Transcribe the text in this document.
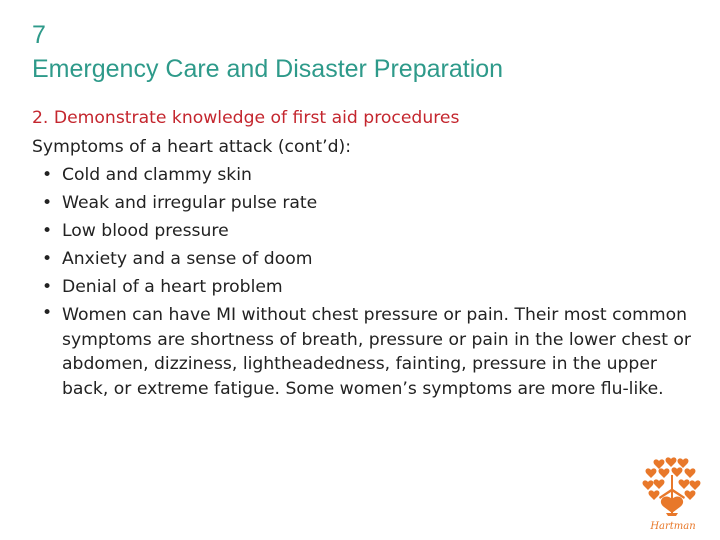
7
Emergency Care and Disaster Preparation
2. Demonstrate knowledge of first aid procedures
Symptoms of a heart attack (cont’d):
• Cold and clammy skin
• Weak and irregular pulse rate
• Low blood pressure
• Anxiety and a sense of doom
• Denial of a heart problem
• Women can have MI without chest pressure or pain. Their most common symptoms are shortness of breath, pressure or pain in the lower chest or abdomen, dizziness, lightheadedness, fainting, pressure in the upper back, or extreme fatigue. Some women’s symptoms are more flu-like.
Hartman
